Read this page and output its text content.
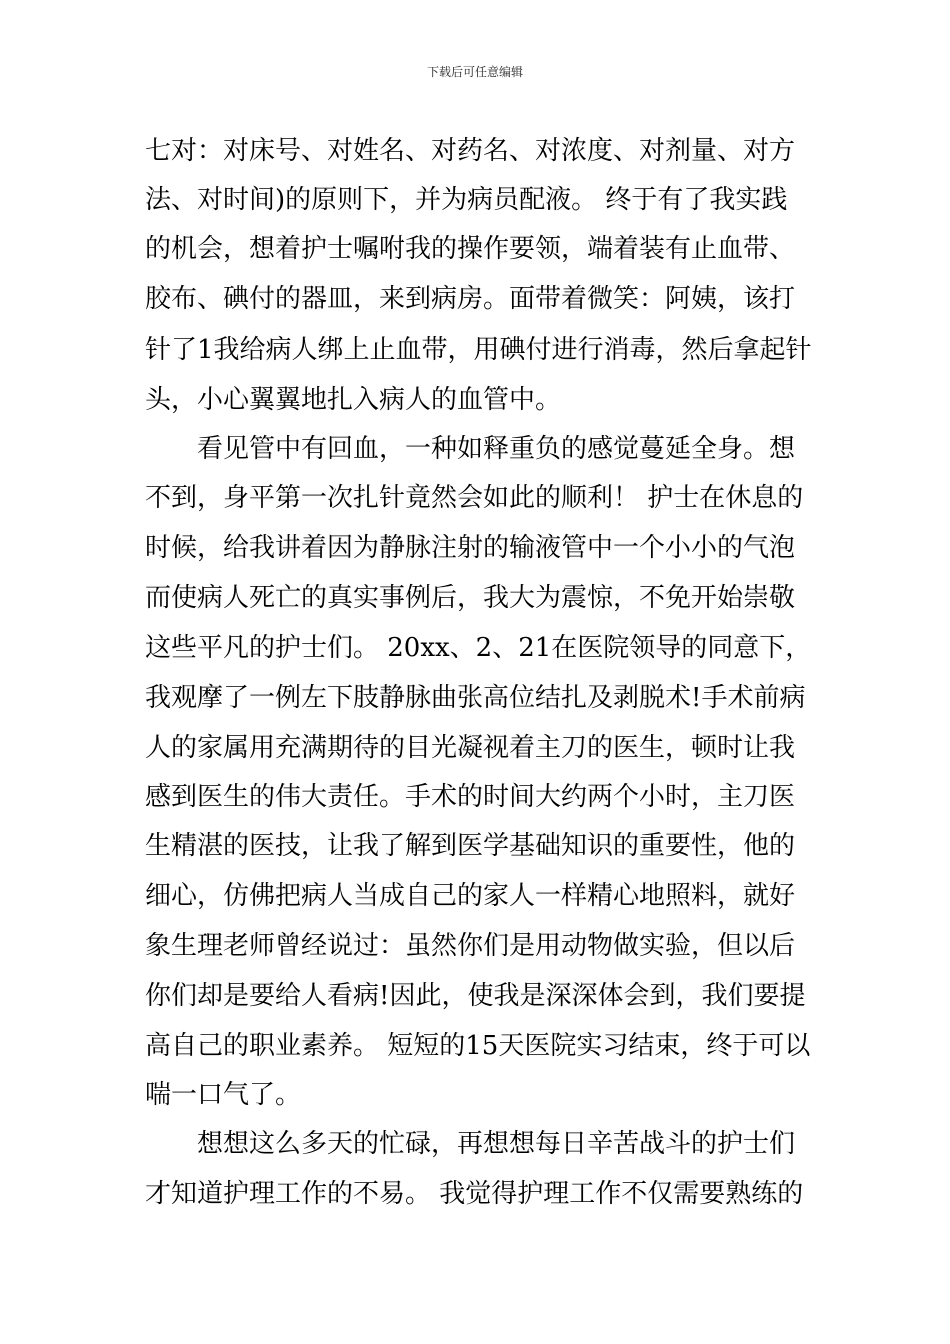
下载后可任意编辑
七对：对床号、对姓名、对药名、对浓度、对剂量、对方
法、对时间)的原则下，并为病员配液。 终于有了我实践
的机会，想着护士嘱咐我的操作要领，端着装有止血带、
胶布、碘付的器皿，来到病房。面带着微笑：阿姨，该打
针了1我给病人绑上止血带，用碘付进行消毒，然后拿起针
头，小心翼翼地扎入病人的血管中。
看见管中有回血，一种如释重负的感觉蔓延全身。想
不到，身平第一次扎针竟然会如此的顺利！ 护士在休息的
时候，给我讲着因为静脉注射的输液管中一个小小的气泡
而使病人死亡的真实事例后，我大为震惊，不免开始崇敬
这些平凡的护士们。 20xx、2、21在医院领导的同意下，
我观摩了一例左下肢静脉曲张高位结扎及剥脱术!手术前病
人的家属用充满期待的目光凝视着主刀的医生，顿时让我
感到医生的伟大责任。手术的时间大约两个小时，主刀医
生精湛的医技，让我了解到医学基础知识的重要性，他的
细心，仿佛把病人当成自己的家人一样精心地照料，就好
象生理老师曾经说过：虽然你们是用动物做实验，但以后
你们却是要给人看病!因此，使我是深深体会到，我们要提
高自己的职业素养。 短短的15天医院实习结束，终于可以
喘一口气了。
想想这么多天的忙碌，再想想每日辛苦战斗的护士们
才知道护理工作的不易。 我觉得护理工作不仅需要熟练的
